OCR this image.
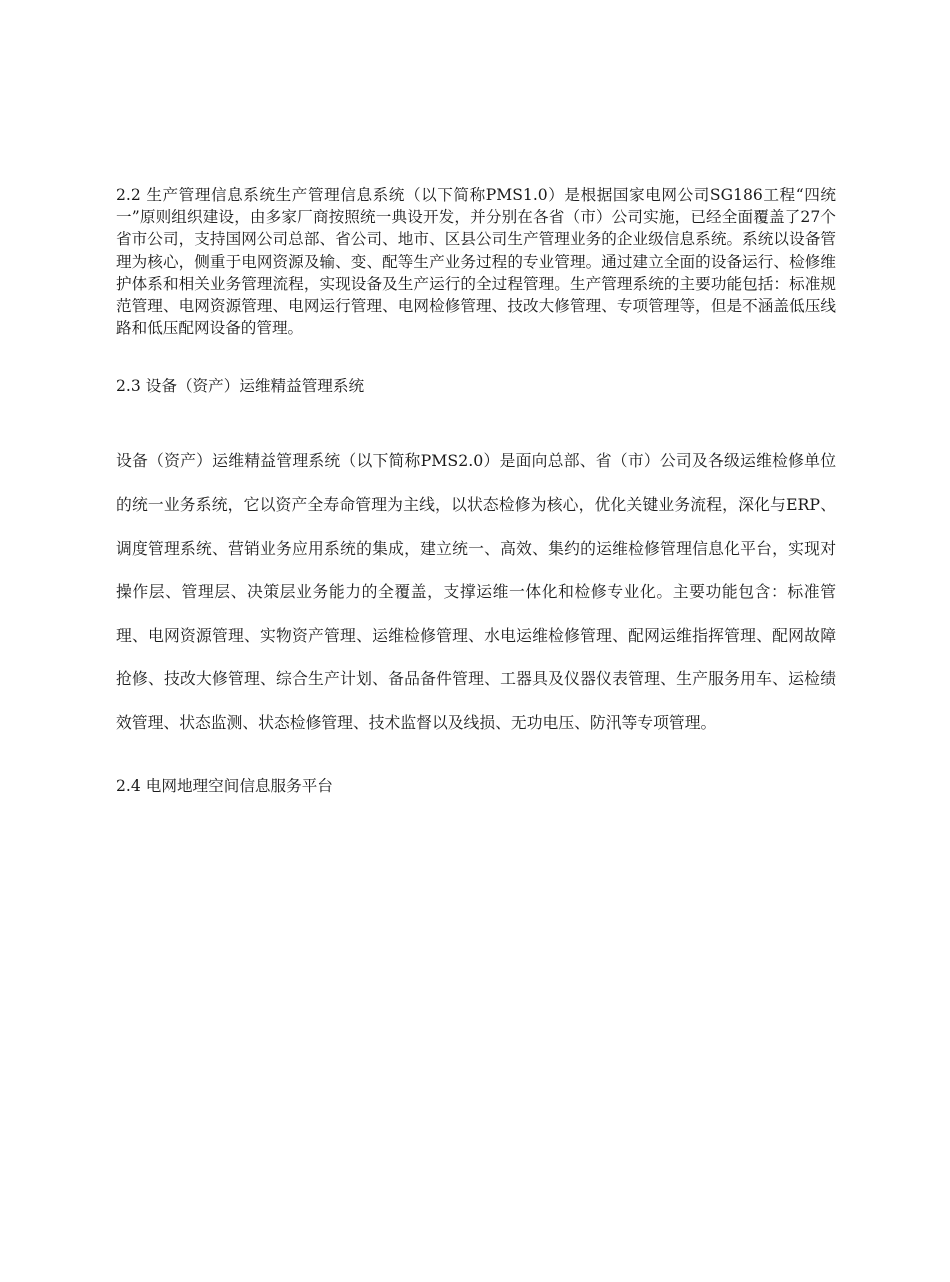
2.2 生产管理信息系统生产管理信息系统（以下简称PMS1.0）是根据国家电网公司SG186工程“四统一”原则组织建设，由多家厂商按照统一典设开发，并分别在各省（市）公司实施，已经全面覆盖了27个省市公司，支持国网公司总部、省公司、地市、区县公司生产管理业务的企业级信息系统。系统以设备管理为核心，侧重于电网资源及输、变、配等生产业务过程的专业管理。通过建立全面的设备运行、检修维护体系和相关业务管理流程，实现设备及生产运行的全过程管理。生产管理系统的主要功能包括：标准规范管理、电网资源管理、电网运行管理、电网检修管理、技改大修管理、专项管理等，但是不涵盖低压线路和低压配网设备的管理。

2.3 设备（资产）运维精益管理系统

设备（资产）运维精益管理系统（以下简称PMS2.0）是面向总部、省（市）公司及各级运维检修单位的统一业务系统，它以资产全寿命管理为主线，以状态检修为核心，优化关键业务流程，深化与ERP、调度管理系统、营销业务应用系统的集成，建立统一、高效、集约的运维检修管理信息化平台，实现对操作层、管理层、决策层业务能力的全覆盖，支撑运维一体化和检修专业化。主要功能包含：标准管理、电网资源管理、实物资产管理、运维检修管理、水电运维检修管理、配网运维指挥管理、配网故障抢修、技改大修管理、综合生产计划、备品备件管理、工器具及仪器仪表管理、生产服务用车、运检绩效管理、状态监测、状态检修管理、技术监督以及线损、无功电压、防汛等专项管理。

2.4 电网地理空间信息服务平台
